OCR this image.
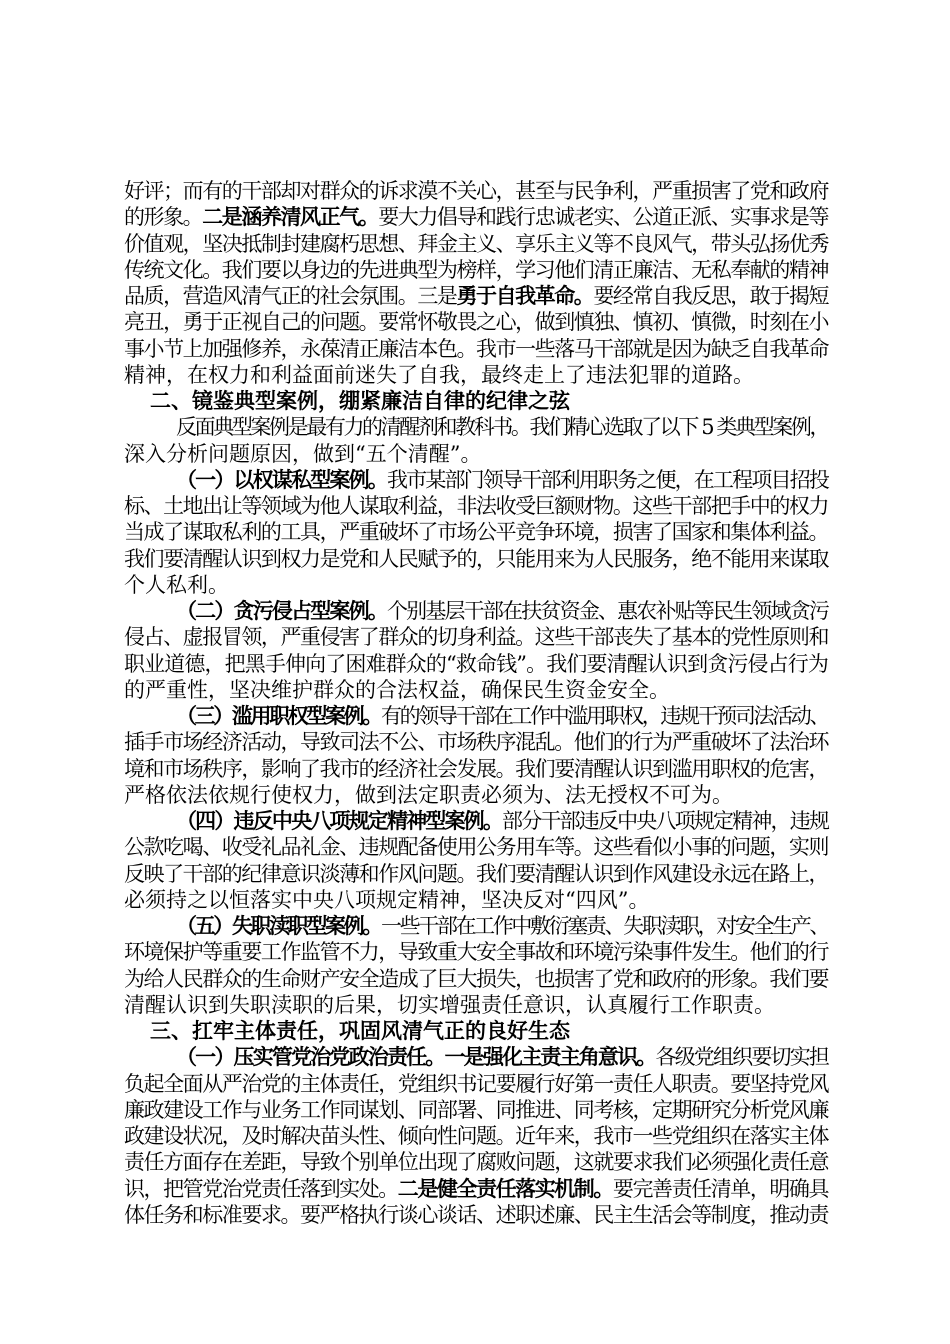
好评；而有的干部却对群众的诉求漠不关心，甚至与民争利，严重损害了党和政府
的形象。二是涵养清风正气。要大力倡导和践行忠诚老实、公道正派、实事求是等
价值观，坚决抵制封建腐朽思想、拜金主义、享乐主义等不良风气，带头弘扬优秀
传统文化。我们要以身边的先进典型为榜样，学习他们清正廉洁、无私奉献的精神
品质，营造风清气正的社会氛围。三是勇于自我革命。要经常自我反思，敢于揭短
亮丑，勇于正视自己的问题。要常怀敬畏之心，做到慎独、慎初、慎微，时刻在小
事小节上加强修养，永葆清正廉洁本色。我市一些落马干部就是因为缺乏自我革命
精神，在权力和利益面前迷失了自我，最终走上了违法犯罪的道路。
二、镜鉴典型案例，绷紧廉洁自律的纪律之弦
反面典型案例是最有力的清醒剂和教科书。我们精心选取了以下 5 类典型案例，
深入分析问题原因，做到“五个清醒”。
（一）以权谋私型案例。我市某部门领导干部利用职务之便，在工程项目招投
标、土地出让等领域为他人谋取利益，非法收受巨额财物。这些干部把手中的权力
当成了谋取私利的工具，严重破坏了市场公平竞争环境，损害了国家和集体利益。
我们要清醒认识到权力是党和人民赋予的，只能用来为人民服务，绝不能用来谋取
个人私利。
（二）贪污侵占型案例。个别基层干部在扶贫资金、惠农补贴等民生领域贪污
侵占、虚报冒领，严重侵害了群众的切身利益。这些干部丧失了基本的党性原则和
职业道德，把黑手伸向了困难群众的“救命钱”。我们要清醒认识到贪污侵占行为
的严重性，坚决维护群众的合法权益，确保民生资金安全。
（三）滥用职权型案例。有的领导干部在工作中滥用职权，违规干预司法活动、
插手市场经济活动，导致司法不公、市场秩序混乱。他们的行为严重破坏了法治环
境和市场秩序，影响了我市的经济社会发展。我们要清醒认识到滥用职权的危害，
严格依法依规行使权力，做到法定职责必须为、法无授权不可为。
（四）违反中央八项规定精神型案例。部分干部违反中央八项规定精神，违规
公款吃喝、收受礼品礼金、违规配备使用公务用车等。这些看似小事的问题，实则
反映了干部的纪律意识淡薄和作风问题。我们要清醒认识到作风建设永远在路上，
必须持之以恒落实中央八项规定精神，坚决反对“四风”。
（五）失职渎职型案例。一些干部在工作中敷衍塞责、失职渎职，对安全生产、
环境保护等重要工作监管不力，导致重大安全事故和环境污染事件发生。他们的行
为给人民群众的生命财产安全造成了巨大损失，也损害了党和政府的形象。我们要
清醒认识到失职渎职的后果，切实增强责任意识，认真履行工作职责。
三、扛牢主体责任，巩固风清气正的良好生态
（一）压实管党治党政治责任。一是强化主责主角意识。各级党组织要切实担
负起全面从严治党的主体责任，党组织书记要履行好第一责任人职责。要坚持党风
廉政建设工作与业务工作同谋划、同部署、同推进、同考核，定期研究分析党风廉
政建设状况，及时解决苗头性、倾向性问题。近年来，我市一些党组织在落实主体
责任方面存在差距，导致个别单位出现了腐败问题，这就要求我们必须强化责任意
识，把管党治党责任落到实处。二是健全责任落实机制。要完善责任清单，明确具
体任务和标准要求。要严格执行谈心谈话、述职述廉、民主生活会等制度，推动责
